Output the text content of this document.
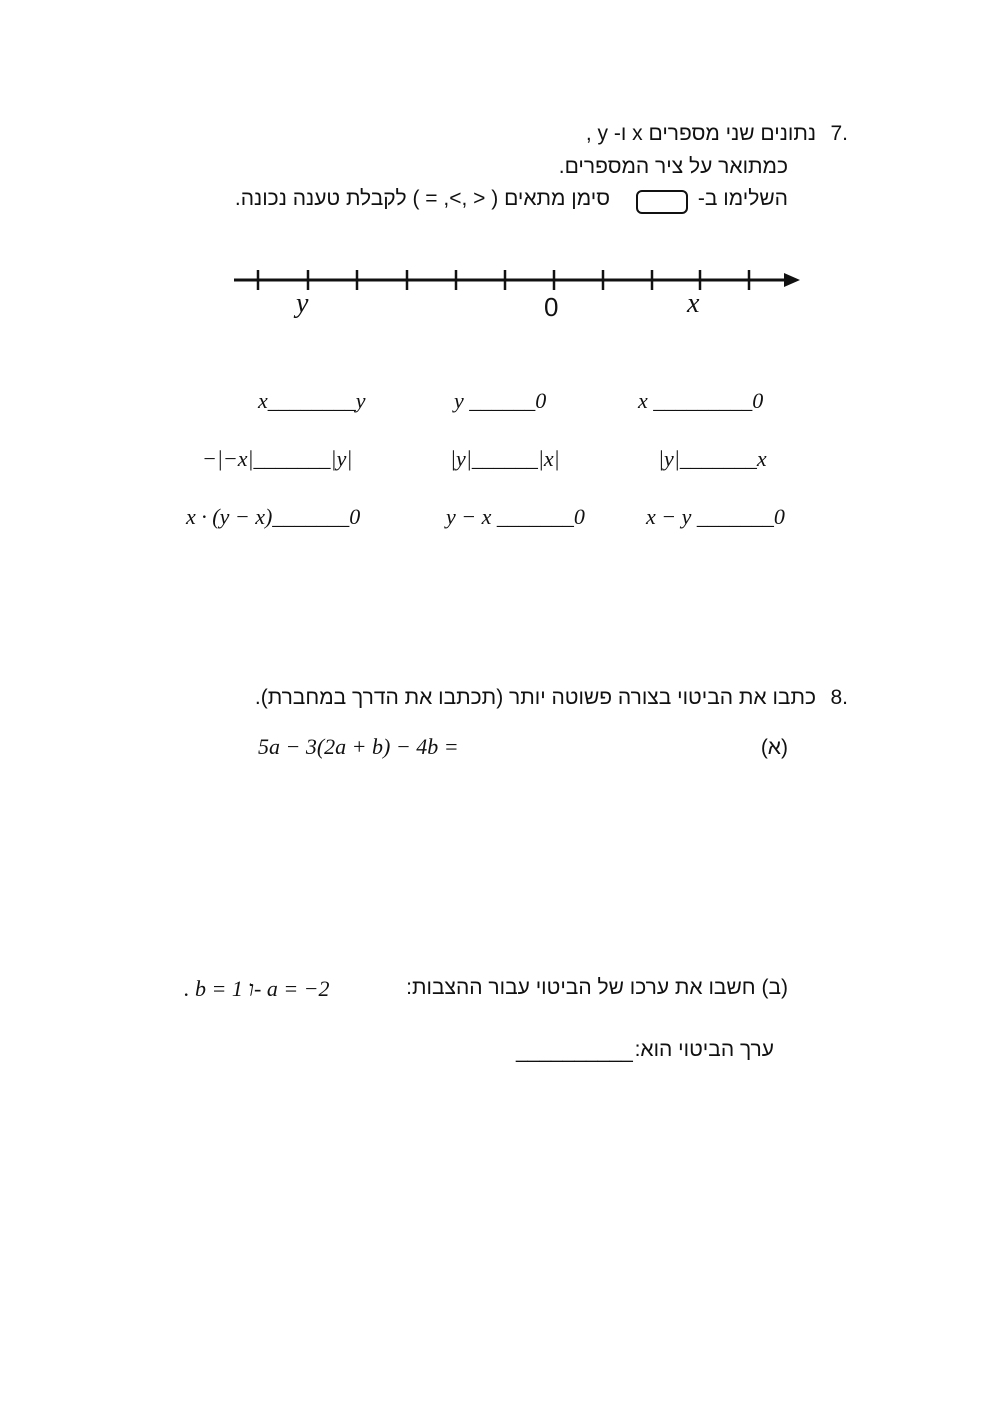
.7
נתונים שני מספרים x ו- y ,
כמתואר על ציר המספרים.
השלימו ב-
סימן מתאים ( < ,>, = ) לקבלת טענה נכונה.
y	0	x
x _________0
y ______0
x________y
|y|_______x
|y|______|x|
−|−x|_______|y|
x − y _______0
y − x _______0
x · (y − x)_______0
.8
כתבו את הביטוי בצורה פשוטה יותר (תכתבו את הדרך במחברת).
(א)
5a − 3(2a + b) − 4b =
(ב) חשבו את ערכו של הביטוי עבור ההצבות:
. b = 1 ו- a = −2
ערך הביטוי הוא:
__________
